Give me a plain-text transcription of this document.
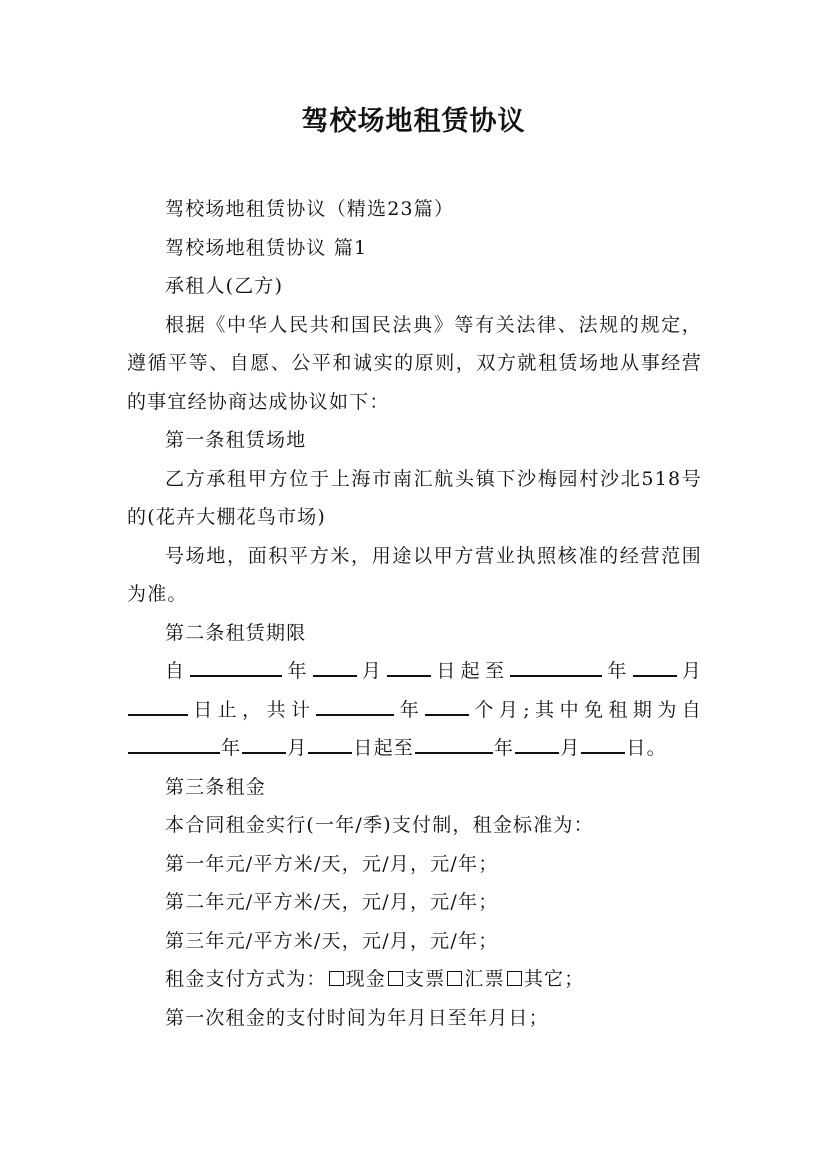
驾校场地租赁协议

驾校场地租赁协议（精选23篇）

驾校场地租赁协议 篇1

承租人(乙方)

根据《中华人民共和国民法典》等有关法律、法规的规定，遵循平等、自愿、公平和诚实的原则，双方就租赁场地从事经营的事宜经协商达成协议如下：

第一条租赁场地

乙方承租甲方位于上海市南汇航头镇下沙梅园村沙北518号的(花卉大棚花鸟市场)

号场地，面积平方米，用途以甲方营业执照核准的经营范围为准。

第二条租赁期限

自	年 月 日起至	年 月日止，共计	年 个月;其中免租期为自年 月 日起至	年 月 日。

第三条租金

本合同租金实行(一年/季)支付制，租金标准为：

第一年元/平方米/天，元/月，元/年；

第二年元/平方米/天，元/月，元/年；

第三年元/平方米/天，元/月，元/年；

租金支付方式为： 现金 支票 汇票 其它；

第一次租金的支付时间为年月日至年月日；
